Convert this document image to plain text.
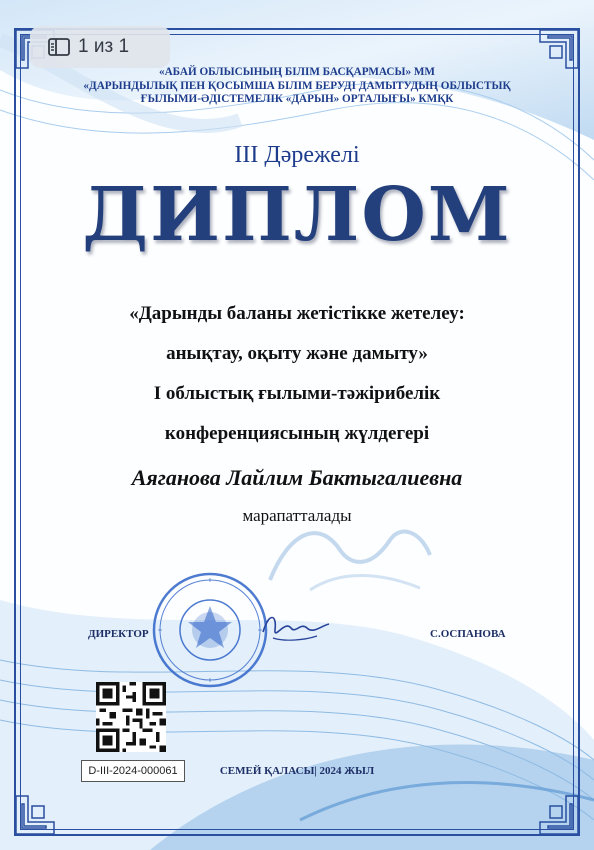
«АБАЙ ОБЛЫСЫНЫҢ БІЛІМ БАСҚАРМАСЫ» ММ
«ДАРЫНДЫЛЫҚ ПЕН ҚОСЫМША БІЛІМ БЕРУДІ ДАМЫТУДЫҢ ОБЛЫСТЫҚ
ҒЫЛЫМИ-ӘДІСТЕМЕЛІК «ДАРЫН» ОРТАЛЫҒЫ» КМҚК
III Дәрежелі
ДИПЛОМ
«Дарынды баланы жетістікке жетелеу:
анықтау, оқыту және дамыту»
І облыстық ғылыми-тәжірибелік
конференциясының жүлдегері
Аяганова Лайлим Бактыгалиевна
марапатталады
ДИРЕКТОР	С.ОСПАНОВА
D-III-2024-000061	СЕМЕЙ ҚАЛАСЫ| 2024 ЖЫЛ
1 из 1
